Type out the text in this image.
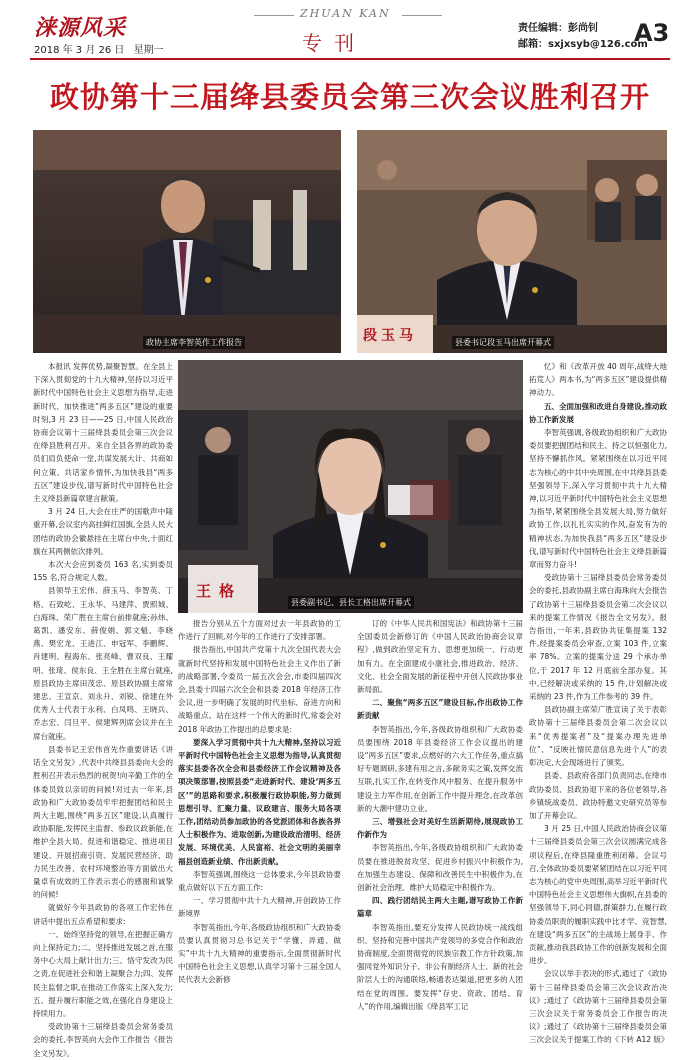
涞源风采
2018 年 3 月 26 日 星期一
ZHUAN KAN
专刊
责任编辑：彭尚钊
邮箱：sxjxsyb@126.com
A3
政协第十三届绛县委员会第三次会议胜利召开
政协主席李智英作工作报告	段玉马	县委书记段玉马出席开幕式
王格
县委副书记、县长工格出席开幕式

本报讯 发挥优势,凝聚智慧。在全县上下深入贯彻党的十九大精神,坚持以习近平新时代中国特色社会主义思想为指导,走进新时代、加快推进“两多五区”建设的重要时刻,3 月 23 日——25 日,中国人民政治协商会议第十三届绛县委员会第三次会议在绛县胜利召开。来自全县各界的政协委员们肩负使命一堂,共谋发展大计、共商如何立策、共话家乡情怀,为加快我县“两多五区”建设步伐,谱写新时代中国特色社会主义绛县新篇章建言献策。

3 月 24 日,大会在庄严的国歌声中隆重开幕,会议室内高挂鲜红国旗,全县人民大团结的政协会徽悬挂在主席台中央,十面红旗在其两侧依次排列。

本次大会应到委员 163 名,实到委员 155 名,符合规定人数。

县领导王宏伟、薛玉马、李智英、丁格、石致屹、王永华、马建萍、贾照城、白海珠、荣广胜在主席台前排就座;孙炜、葛凯、潘安东、薛俊娟、郭文魁、李晓燕、樊宏龙、王进江、申冠军、李鹏辉、肖建明、程海东、张亮峰、曹双良、王耀明、张琦、侯东良、王全胜在主席台就座,原县政协主席田茂忠、原县政协副主席常建忠、王宣京、刘永升、刘锐、徐建在外优秀人士代表于永利、白凤鸣、王晓兵、乔志宏、闫旦平、侯建辉列席会议并在主席台就座。

县委书记王宏伟首先作重要讲话《讲话全文另发》,代表中共绛县县委向大会的胜利召开表示热烈的祝贺!向辛勤工作的全体委员致以亲切的问候!对过去一年来,县政协和广大政协委员牢牢把握团结和民主两大主题,围绕“两多五区”建设,认真履行政协职能,发挥民主监督、参政议政新能,在维护全县大局、促进和谐稳定、推进项目建设、开展招商引资、发展民营经济、助力民生改善、农村环境整治等方面做出大量卓有成效的工作表示衷心的感谢和诚挚的问候!

就做好今年县政协的各项工作宏伟在讲话中提出五点希望和要求:

一、始终坚持党的领导,在把握正确方向上保持定力;二、坚持推进发展之首,在服务中心大局上献计出力;三、恪守发改为民之责,在促进社会和谐上凝聚合力;四、发挥民主监督之职,在推动工作落实上深入发力;五、提升履行职能之效,在强化自身建设上持续用力。

受政协第十三届绛县委员会常务委员会的委托,李智英向大会作工作报告《报告全文另发》。

报告分别从五个方面对过去一年县政协的工作进行了回顾,对今年的工作进行了安排部署。

报告指出,中国共产党第十九次全国代表大会就新时代坚持和发展中国特色社会主义作出了新的战略部署,令委员一届五次会会,市委四届四次会,县委十四届六次全会和县委 2018 年经济工作会议,进一步明确了发展的时代坐标、奋进方向和战略重点。站在这样一个伟大的新时代,常委会对 2018 年政协工作提出的总要求是:

要深入学习贯彻中共十九大精神,坚持以习近平新时代中国特色社会主义思想为指导,认真贯彻落实县委各次全会和县委经济工作会议精神及各项决策部署,按照县委“走进新时代、建设‘两多五区’”的思路和要求,积极履行政协职能,努力做到思想引导、汇聚力量、议政建言、服务大局各项工作,团结动员参加政协的各党派团体和各族各界人士积极作为、进取创新,为建设政治清明、经济发展、环境优美、人民富裕、社会文明的美丽幸福县创造新业绩、作出新贡献。

李智英强调,围绕这一总体要求,今年县政协要重点做好以下五方面工作:

一、学习贯彻中共十九大精神,开创政协工作新境界

李智英指出,今年,各级政协组织和广大政协委员要认真贯彻习总书记关于“学懂、弄通、做实”中共十九大精神的重要指示,全面贯彻新时代中国特色社会主义思想,认真学习第十三届全国人民代表大会新修

订的《中华人民共和国宪法》和政协第十三届全国委员会新修订的《中国人民政治协商会议章程》,做到政治坚定有力、思想更加统一、行动更加有力。在全面建成小康社会,推进政治、经济、文化、社会全面发展的新征程中开创人民政协事业新局面。

二、聚焦“两多五区”建设目标,作出政协工作新贡献

李智英指出,今年,各级政协组织和广大政协委员要围绕 2018 年县委经济工作会议提出的建设“两多五区”要求,点燃好的六大工作任务,重点搞好专题调研,多建有用之言,多献务实之策,发挥交流互联,扎实工作,在转变作风中服务、在提升服务中建设主力军作用,在创新工作中提升理念,在改革创新的大潮中建功立业。

三、增强社会对美好生活新期待,展现政协工作新作为

李智英指出,今年,各级政协组织和广大政协委员要在推进脱贫攻坚、促进乡村振兴中积极作为,在加强生态建设、保障和改善民生中积极作为,在创新社会治理、维护大局稳定中积极作为。

四、践行团结民主两大主题,谱写政协工作新篇章

李智英指出,要充分发挥人民政协统一战线组织、坚持和完善中国共产党领导的多党合作和政治协商制度,全面贯彻党的民族宗教工作方针政策,加强同党外知识分子、非公有制经济人士、新的社会阶层人士的沟通联络,畅通表达渠道,把更多的人团结在党的周围。要发挥“存史、资政、团结、育人”的作用,编辑出版《绛县军工记

忆》和《改革开放 40 周年,战绛大地拓荒人》两本书,为“两多五区”建设提供精神动力。

五、全面加强和改进自身建设,推动政协工作新发展

李智英强调,各级政协组织和广大政协委员要把握团结和民主、持之以恒强化力,坚持不懈抓作风。紧紧围绕在以习近平同志为核心的中共中央周围,在中共绛县县委坚强领导下,深入学习贯彻中共十九大精神,以习近平新时代中国特色社会主义思想为指导,紧紧围绕全县发展大局,努力做好政协工作,以扎扎实实的作风,奋发有为的精神状态,为加快我县“两多五区”建设步伐,谱写新时代中国特色社会主义绛县新篇章而努力奋斗!

受政协第十三届绛县委员会常务委员会的委托,县政协副主席白海珠向大会报告了政协第十三届绛县委员会第二次会议以来的提案工作情况《报告全文另发》。报告指出,一年来,县政协共征集提案 132 件,经提案委员会审查,立案 103 件,立案率 78%。立案的提案分送 29 个承办单位,于 2017 年 12 月底前全部办复。其中,已经解决或采纳的 15 件,计划解决或采纳的 23 件,作为工作参考的 39 件。

县政协副主席荣广胜宣读了关于表彰政协第十三届绛县委员会第二次会议以来“优秀提案者”及“提案办理先进单位”、“反映社情民意信息先进个人”的表彰决定,大会现场进行了颁奖。

县委、县政府各部门负责同志,在绛市政协委员、县政协退下来的各位老领导,各乡镇统战委员、政协特邀文史研究员等参加了开幕会议。

3 月 25 日,中国人民政治协商会议第十三届绛县委员会第三次会议圆满完成各项议程后,在绛县隆重胜利闭幕。会议号召,全体政协委员要紧紧团结在以习近平同志为核心的党中央周围,高举习近平新时代中国特色社会主义思想伟大旗帜,在县委的坚强领导下,同心同德,群策群力,在履行政协委员职责的履职实践中比才学、竞智慧,在建设“两多五区”的主战场上展身手、作贡献,推动我县政协工作的创新发展和全面进步。

会议以举手表决的形式,通过了《政协第十三届绛县委员会第三次会议政治决议》;通过了《政协第十三届绛县委员会第三次会议关于常务委员会工作报告的决议》;通过了《政协第十三届绛县委员会第三次会议关于提案工作的《下转 A12 版》
